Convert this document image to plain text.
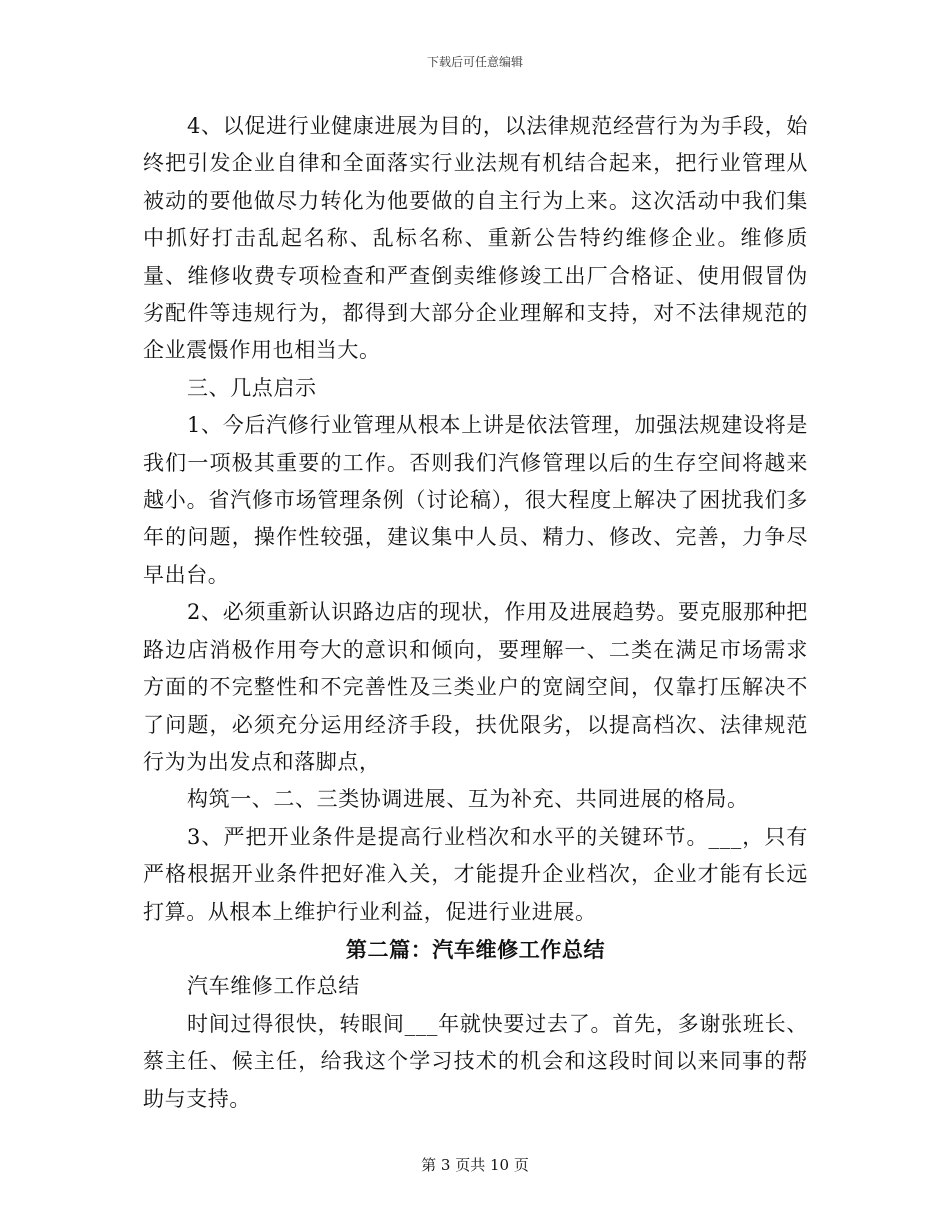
下载后可任意编辑

4、以促进行业健康进展为目的，以法律规范经营行为为手段，始终把引发企业自律和全面落实行业法规有机结合起来，把行业管理从被动的要他做尽力转化为他要做的自主行为上来。这次活动中我们集中抓好打击乱起名称、乱标名称、重新公告特约维修企业。维修质量、维修收费专项检查和严查倒卖维修竣工出厂合格证、使用假冒伪劣配件等违规行为，都得到大部分企业理解和支持，对不法律规范的企业震慑作用也相当大。

三、几点启示

1、今后汽修行业管理从根本上讲是依法管理，加强法规建设将是我们一项极其重要的工作。否则我们汽修管理以后的生存空间将越来越小。省汽修市场管理条例（讨论稿），很大程度上解决了困扰我们多年的问题，操作性较强，建议集中人员、精力、修改、完善，力争尽早出台。

2、必须重新认识路边店的现状，作用及进展趋势。要克服那种把路边店消极作用夸大的意识和倾向，要理解一、二类在满足市场需求方面的不完整性和不完善性及三类业户的宽阔空间，仅靠打压解决不了问题，必须充分运用经济手段，扶优限劣，以提高档次、法律规范行为为出发点和落脚点，

构筑一、二、三类协调进展、互为补充、共同进展的格局。

3、严把开业条件是提高行业档次和水平的关键环节。___，只有严格根据开业条件把好准入关，才能提升企业档次，企业才能有长远打算。从根本上维护行业利益，促进行业进展。

第二篇：汽车维修工作总结

汽车维修工作总结

时间过得很快，转眼间___年就快要过去了。首先，多谢张班长、蔡主任、候主任，给我这个学习技术的机会和这段时间以来同事的帮助与支持。

第 3 页共 10 页
